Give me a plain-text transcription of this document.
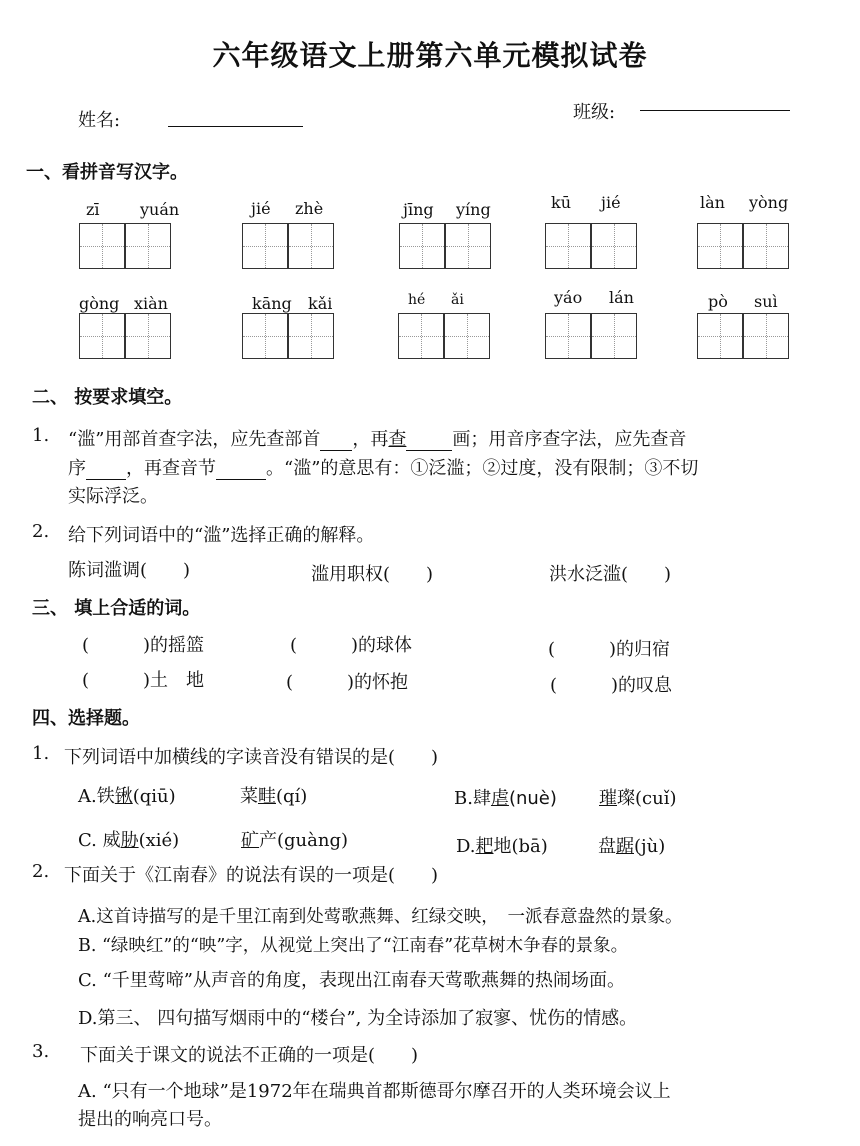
六年级语文上册第六单元模拟试卷
姓名:	班级:
一、看拼音写汉字。
zī	yuán	jié zhè	jīng yíng	kū jié	làn yòng
gòng xiàn	kāng kǎi	hé ǎi	yáo lán	pò suì
二、 按要求填空。
1. “滥”用部首查字法，应先查部首 ，再查	画；用音序查字法，应先查音
序 ，再查音节	。“滥”的意思有：①泛滥；②过度，没有限制；③不切
实际浮泛。
2. 给下列词语中的“滥”选择正确的解释。
陈词滥调(　　)	滥用职权(　　)	洪水泛滥(　　)
三、 填上合适的词。
(　　　)的摇篮	(　　　)的球体	(　　　)的归宿
(　　　)土　地	(　　　)的怀抱	(　　　)的叹息
四、选择题。
1. 下列词语中加横线的字读音没有错误的是(　　)
A.铁锹(qiū)	菜畦(qí)	B.肆虐(nuè) 璀璨(cuǐ)
C. 威胁(xié)	矿产(guàng)	D.耙地(bā)	盘踞(jù)
2. 下面关于《江南春》的说法有误的一项是(　　)
A.这首诗描写的是千里江南到处莺歌燕舞、红绿交映，　一派春意盎然的景象。
B. “绿映红”的“映”字，从视觉上突出了“江南春”花草树木争春的景象。
C. “千里莺啼”从声音的角度，表现出江南春天莺歌燕舞的热闹场面。
D.第三、 四句描写烟雨中的“楼台”, 为全诗添加了寂寥、忧伤的情感。
3. 下面关于课文的说法不正确的一项是(　　)
A. “只有一个地球”是1972年在瑞典首都斯德哥尔摩召开的人类环境会议上
提出的响亮口号。
